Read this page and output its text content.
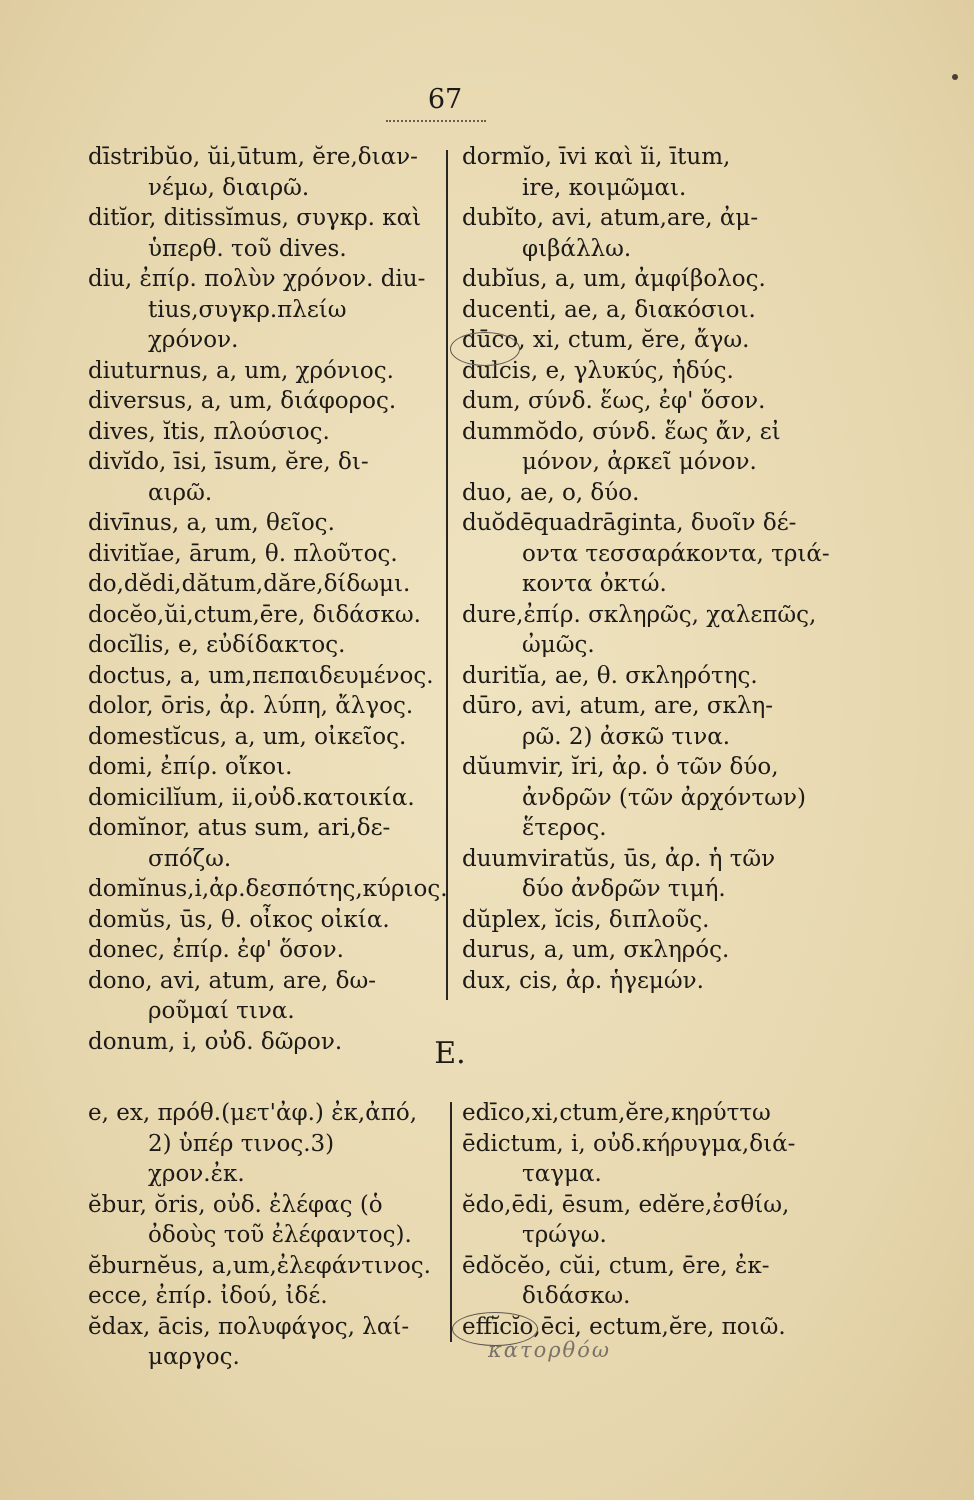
67
dīstribŭo, ŭi,ūtum, ĕre,διαν-
νέμω, διαιρῶ.
ditĭor, ditissĭmus, συγκρ. καὶ
ὑπερθ. τοῦ dives.
diu, ἐπίρ. πολὺν χρόνον. diu-
tius,συγκρ.πλείω χρόνον.
diuturnus, a, um, χρόνιος.
diversus, a, um, διάφορος.
dives, ĭtis, πλούσιος.
divĭdo, īsi, īsum, ĕre, δι-
αιρῶ.
divīnus, a, um, θεῖος.
divitĭae, ārum, θ. πλοῦτος.
do,dĕdi,dătum,dăre,δίδωμι.
docĕo,ŭi,ctum,ēre, διδάσκω.
docĭlis, e, εὐδίδακτος.
doctus, a, um,πεπαιδευμένος.
dolor, ōris, ἀρ. λύπη, ἄλγος.
domestĭcus, a, um, οἰκεῖος.
domi, ἐπίρ. οἴκοι.
domicilĭum, ii,οὐδ.κατοικία.
domĭnor, atus sum, ari,δε-
σπόζω.
domĭnus,i,ἀρ.δεσπότης,κύριος.
domŭs, ūs, θ. οἶκος οἰκία.
donec, ἐπίρ. ἐφ' ὅσον.
dono, avi, atum, are, δω-
ροῦμαί τινα.
donum, i, οὐδ. δῶρον.
dormĭo, īvi καὶ ĭi, ītum,
ire, κοιμῶμαι.
dubĭto, avi, atum,are, ἀμ-
φιβάλλω.
dubĭus, a, um, ἀμφίβολος.
ducenti, ae, a, διακόσιοι.
dūco, xi, ctum, ĕre, ἄγω.
dulcis, e, γλυκύς, ἡδύς.
dum, σύνδ. ἕως, ἐφ' ὅσον.
dummŏdo, σύνδ. ἕως ἄν, εἰ
μόνον, ἀρκεῖ μόνον.
duo, ae, o, δύο.
duŏdēquadrāginta, δυοῖν δέ-
οντα τεσσαράκοντα, τριά-
κοντα ὀκτώ.
dure,ἐπίρ. σκληρῶς, χαλεπῶς,
ὠμῶς.
duritĭa, ae, θ. σκληρότης.
dūro, avi, atum, are, σκλη-
ρῶ. 2) ἀσκῶ τινα.
dŭumvir, ĭri, ἀρ. ὁ τῶν δύο,
ἀνδρῶν (τῶν ἀρχόντων)
ἕτερος.
duumviratŭs, ūs, ἀρ. ἡ τῶν
δύο ἀνδρῶν τιμή.
dŭplex, ĭcis, διπλοῦς.
durus, a, um, σκληρός.
dux, cis, ἀρ. ἡγεμών.
E.
e, ex, πρόθ.(μετ'ἀφ.) ἐκ,ἀπό,
2) ὑπέρ τινος.3) χρον.ἐκ.
ĕbur, ŏris, οὐδ. ἐλέφας (ὁ
ὀδοὺς τοῦ ἐλέφαντος).
ĕburnĕus, a,um,ἐλεφάντινος.
ecce, ἐπίρ. ἰδού, ἰδέ.
ĕdax, ācis, πολυφάγος, λαί-
μαργος.
edīco,xi,ctum,ĕre,κηρύττω
ēdictum, i, οὐδ.κήρυγμα,διά-
ταγμα.
ĕdo,ēdi, ēsum, edĕre,ἐσθίω,
τρώγω.
ēdŏcĕo, cŭi, ctum, ēre, ἐκ-
διδάσκω.
effĭcĭo,ēci, ectum,ĕre, ποιῶ.
κατορθόω
